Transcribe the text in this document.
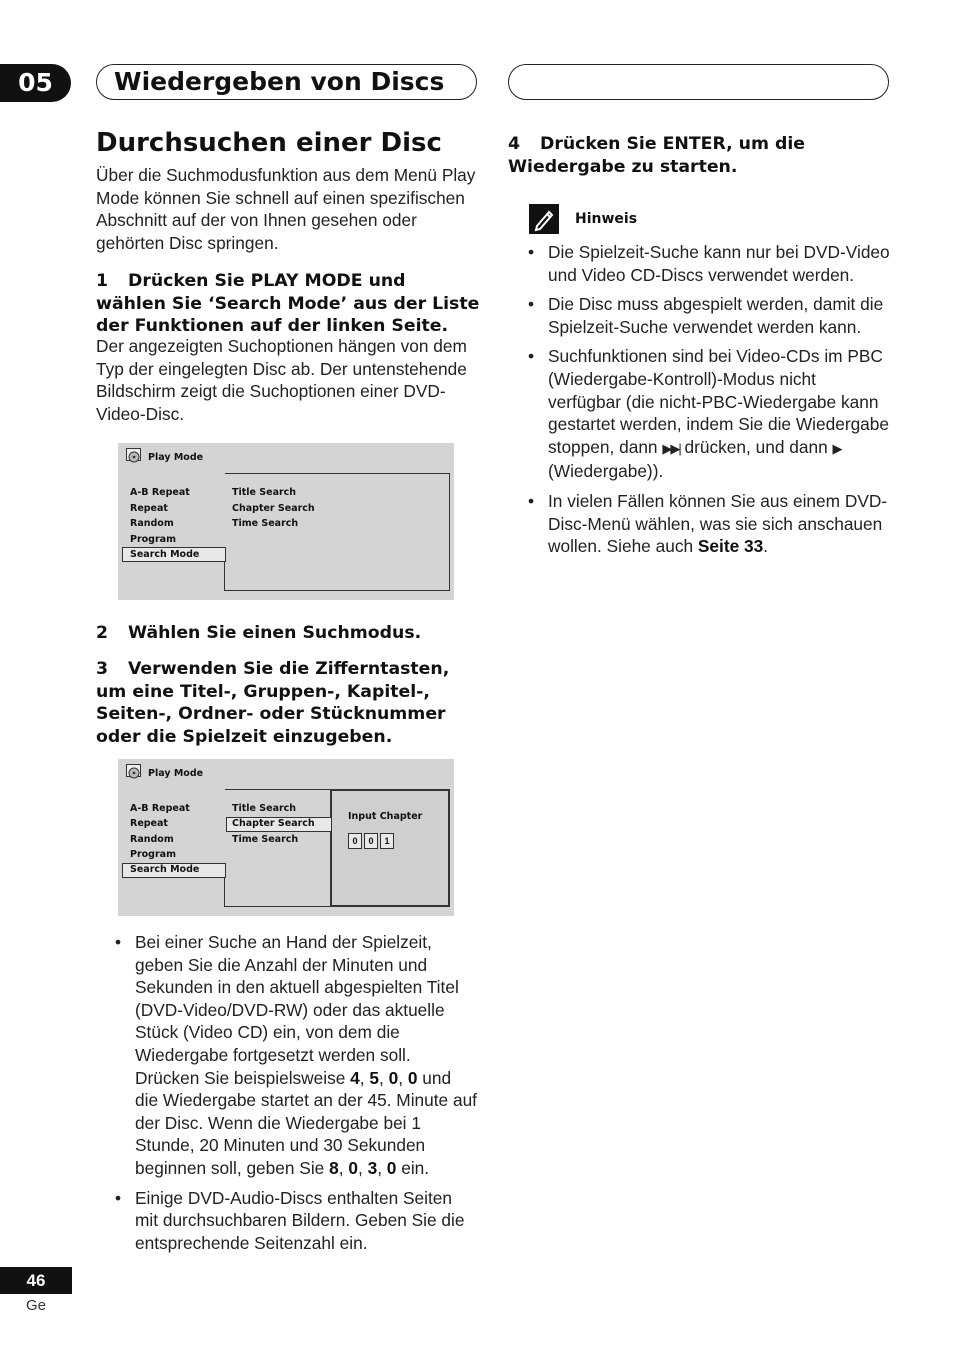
05	Wiedergeben von Discs
Durchsuchen einer Disc
Über die Suchmodusfunktion aus dem Menü Play Mode können Sie schnell auf einen spezifischen Abschnitt auf der von Ihnen gesehen oder gehörten Disc springen.
1 Drücken Sie PLAY MODE und wählen Sie ‘Search Mode’ aus der Liste der Funktionen auf der linken Seite.
Der angezeigten Suchoptionen hängen von dem Typ der eingelegten Disc ab. Der untenstehende Bildschirm zeigt die Suchoptionen einer DVD-Video-Disc.
Play Mode
A-B Repeat
Repeat
Random
Program
Search Mode
Title Search
Chapter Search
Time Search
2 Wählen Sie einen Suchmodus.
3 Verwenden Sie die Zifferntasten, um eine Titel-, Gruppen-, Kapitel-, Seiten-, Ordner- oder Stücknummer oder die Spielzeit einzugeben.
Play Mode
A-B Repeat
Repeat
Random
Program
Search Mode
Title Search
Chapter Search
Time Search
Input Chapter
0 0 1
• Bei einer Suche an Hand der Spielzeit, geben Sie die Anzahl der Minuten und Sekunden in den aktuell abgespielten Titel (DVD-Video/DVD-RW) oder das aktuelle Stück (Video CD) ein, von dem die Wiedergabe fortgesetzt werden soll. Drücken Sie beispielsweise 4, 5, 0, 0 und die Wiedergabe startet an der 45. Minute auf der Disc. Wenn die Wiedergabe bei 1 Stunde, 20 Minuten und 30 Sekunden beginnen soll, geben Sie 8, 0, 3, 0 ein.
• Einige DVD-Audio-Discs enthalten Seiten mit durchsuchbaren Bildern. Geben Sie die entsprechende Seitenzahl ein.
4 Drücken Sie ENTER, um die Wiedergabe zu starten.
Hinweis
• Die Spielzeit-Suche kann nur bei DVD-Video und Video CD-Discs verwendet werden.
• Die Disc muss abgespielt werden, damit die Spielzeit-Suche verwendet werden kann.
• Suchfunktionen sind bei Video-CDs im PBC (Wiedergabe-Kontroll)-Modus nicht verfügbar (die nicht-PBC-Wiedergabe kann gestartet werden, indem Sie die Wiedergabe stoppen, dann ▶▶| drücken, und dann ▶ (Wiedergabe)).
• In vielen Fällen können Sie aus einem DVD-Disc-Menü wählen, was sie sich anschauen wollen. Siehe auch Seite 33.
46
Ge
